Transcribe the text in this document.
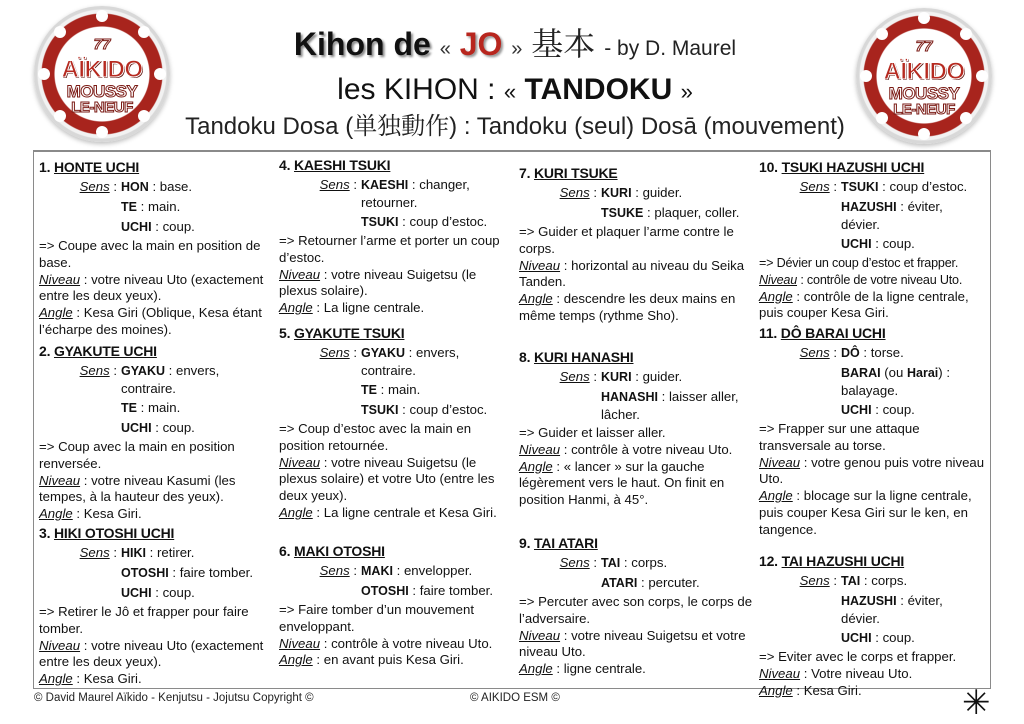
77
AÏKIDO
MOUSSY
LE-NEUF
77
AÏKIDO
MOUSSY
LE-NEUF
Kihon de « JO » 基本 - by D. Maurel
les KIHON : « TANDOKU »
Tandoku Dosa (単独動作) : Tandoku (seul) Dosā (mouvement)
1. HONTE UCHI
Sens : HON : base.
TE : main.
UCHI : coup.

=> Coupe avec la main en position de base.

Niveau : votre niveau Uto (exactement entre les deux yeux).

Angle : Kesa Giri (Oblique, Kesa étant l’écharpe des moines).

2. GYAKUTE UCHI
Sens : GYAKU : envers, contraire.
TE : main.
UCHI : coup.

=> Coup avec la main en position renversée.

Niveau : votre niveau Kasumi (les tempes, à la hauteur des yeux).

Angle : Kesa Giri.

3. HIKI OTOSHI UCHI
Sens : HIKI : retirer.
OTOSHI : faire tomber.
UCHI : coup.

=> Retirer le Jô et frapper pour faire tomber.

Niveau : votre niveau Uto (exactement entre les deux yeux).

Angle : Kesa Giri.

4. KAESHI TSUKI
Sens : KAESHI : changer, retourner.
TSUKI : coup d’estoc.

=> Retourner l’arme et porter un coup d’estoc.

Niveau : votre niveau Suigetsu (le plexus solaire).

Angle : La ligne centrale.

5. GYAKUTE TSUKI
Sens : GYAKU : envers, contraire.
TE : main.
TSUKI : coup d’estoc.

=> Coup d’estoc avec la main en position retournée.

Niveau : votre niveau Suigetsu (le plexus solaire) et votre Uto (entre les deux yeux).

Angle : La ligne centrale et Kesa Giri.

6. MAKI OTOSHI
Sens : MAKI : envelopper.
OTOSHI : faire tomber.

=> Faire tomber d’un mouvement enveloppant.

Niveau : contrôle à votre niveau Uto.

Angle : en avant puis Kesa Giri.

7. KURI TSUKE
Sens : KURI : guider.
TSUKE : plaquer, coller.

=> Guider et plaquer l’arme contre le corps.

Niveau : horizontal au niveau du Seika Tanden.

Angle : descendre les deux mains en même temps (rythme Sho).

8. KURI HANASHI
Sens : KURI : guider.
HANASHI : laisser aller, lâcher.

=> Guider et laisser aller.

Niveau : contrôle à votre niveau Uto.

Angle : « lancer » sur la gauche légèrement vers le haut. On finit en position Hanmi, à 45°.

9. TAI ATARI
Sens : TAI : corps.
ATARI : percuter.

=> Percuter avec son corps, le corps de l’adversaire.

Niveau : votre niveau Suigetsu et votre niveau Uto.

Angle : ligne centrale.

10. TSUKI HAZUSHI UCHI
Sens : TSUKI : coup d’estoc.
HAZUSHI : éviter, dévier.
UCHI : coup.

=> Dévier un coup d’estoc et frapper.

Niveau : contrôle de votre niveau Uto.

Angle : contrôle de la ligne centrale, puis couper Kesa Giri.

11. DÔ BARAI UCHI
Sens : DÔ : torse.
BARAI (ou Harai) : balayage.
UCHI : coup.

=> Frapper sur une attaque transversale au torse.

Niveau : votre genou puis votre niveau Uto.

Angle : blocage sur la ligne centrale, puis couper Kesa Giri sur le ken, en tangence.

12. TAI HAZUSHI UCHI
Sens : TAI : corps.
HAZUSHI : éviter, dévier.
UCHI : coup.

=> Eviter avec le corps et frapper.

Niveau : Votre niveau Uto.

Angle : Kesa Giri.

© David Maurel Aïkido - Kenjutsu - Jojutsu Copyright ©	© AIKIDO ESM ©	✳
